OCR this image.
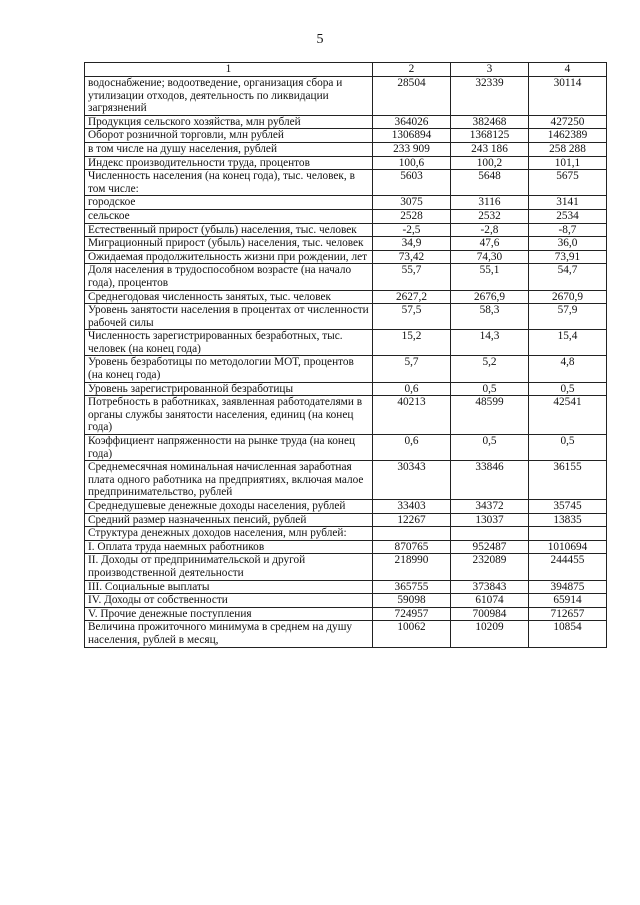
5
1	2	3	4
водоснабжение; водоотведение, организация сбора и утилизации отходов, деятельность по ликвидации загрязнений	28504	32339	30114
Продукция сельского хозяйства, млн рублей	364026	382468	427250
Оборот розничной торговли, млн рублей	1306894	1368125	1462389
в том числе на душу населения, рублей	233 909	243 186	258 288
Индекс производительности труда, процентов	100,6	100,2	101,1
Численность населения (на конец года), тыс. человек, в том числе:	5603	5648	5675
городское	3075	3116	3141
сельское	2528	2532	2534
Естественный прирост (убыль) населения, тыс. человек	-2,5	-2,8	-8,7
Миграционный прирост (убыль) населения, тыс. человек	34,9	47,6	36,0
Ожидаемая продолжительность жизни при рождении, лет	73,42	74,30	73,91
Доля населения в трудоспособном возрасте (на начало года), процентов	55,7	55,1	54,7
Среднегодовая численность занятых, тыс. человек	2627,2	2676,9	2670,9
Уровень занятости населения в процентах от численности рабочей силы	57,5	58,3	57,9
Численность зарегистрированных безработных, тыс. человек (на конец года)	15,2	14,3	15,4
Уровень безработицы по методологии МОТ, процентов (на конец года)	5,7	5,2	4,8
Уровень зарегистрированной безработицы	0,6	0,5	0,5
Потребность в работниках, заявленная работодателями в органы службы занятости населения, единиц (на конец года)	40213	48599	42541
Коэффициент напряженности на рынке труда (на конец года)	0,6	0,5	0,5
Среднемесячная номинальная начисленная заработная плата одного работника на предприятиях, включая малое предпринимательство, рублей	30343	33846	36155
Среднедушевые денежные доходы населения, рублей	33403	34372	35745
Средний размер назначенных пенсий, рублей	12267	13037	13835
Структура денежных доходов населения, млн рублей:			
I. Оплата труда наемных работников	870765	952487	1010694
II. Доходы от предпринимательской и другой производственной деятельности	218990	232089	244455
III. Социальные выплаты	365755	373843	394875
IV. Доходы от собственности	59098	61074	65914
V. Прочие денежные поступления	724957	700984	712657
Величина прожиточного минимума в среднем на душу населения, рублей в месяц,	10062	10209	10854
